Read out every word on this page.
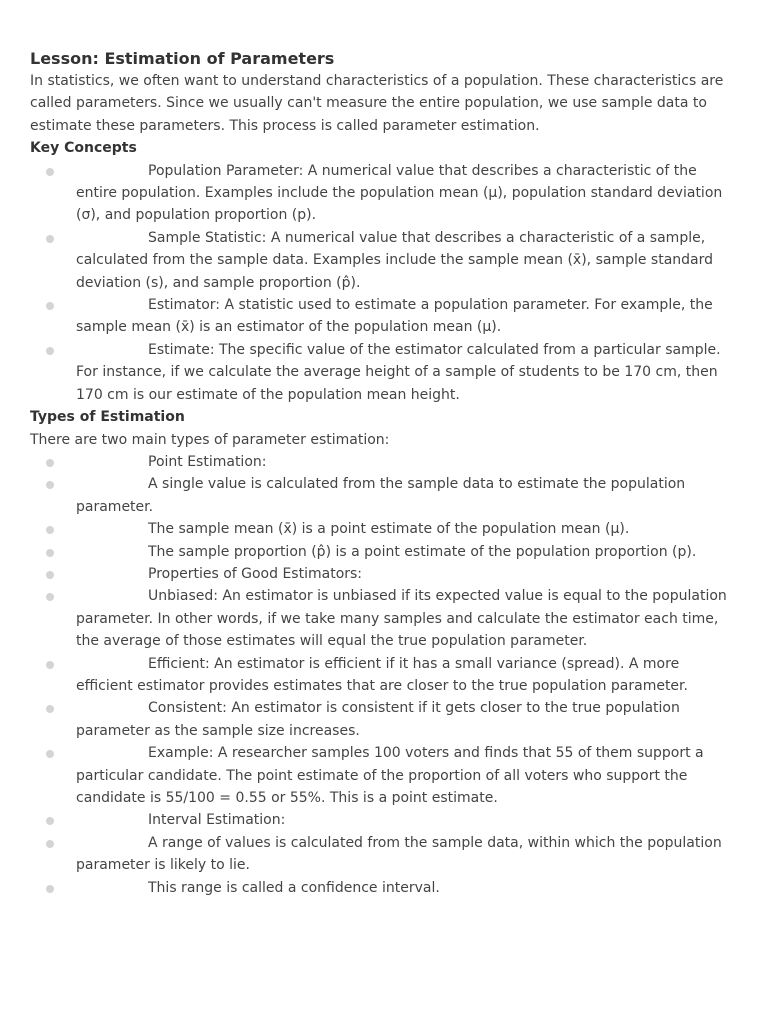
Lesson: Estimation of Parameters

In statistics, we often want to understand characteristics of a population. These characteristics are called parameters. Since we usually can't measure the entire population, we use sample data to estimate these parameters. This process is called parameter estimation.

Key Concepts
Population Parameter: A numerical value that describes a characteristic of the entire population. Examples include the population mean (μ), population standard deviation (σ), and population proportion (p).
Sample Statistic: A numerical value that describes a characteristic of a sample, calculated from the sample data. Examples include the sample mean (x̄), sample standard deviation (s), and sample proportion (p̂).
Estimator: A statistic used to estimate a population parameter. For example, the sample mean (x̄) is an estimator of the population mean (μ).
Estimate: The specific value of the estimator calculated from a particular sample. For instance, if we calculate the average height of a sample of students to be 170 cm, then 170 cm is our estimate of the population mean height.
Types of Estimation

There are two main types of parameter estimation:

Point Estimation:
A single value is calculated from the sample data to estimate the population parameter.
The sample mean (x̄) is a point estimate of the population mean (μ).
The sample proportion (p̂) is a point estimate of the population proportion (p).
Properties of Good Estimators:
Unbiased: An estimator is unbiased if its expected value is equal to the population parameter. In other words, if we take many samples and calculate the estimator each time, the average of those estimates will equal the true population parameter.
Efficient: An estimator is efficient if it has a small variance (spread). A more efficient estimator provides estimates that are closer to the true population parameter.
Consistent: An estimator is consistent if it gets closer to the true population parameter as the sample size increases.
Example: A researcher samples 100 voters and finds that 55 of them support a particular candidate. The point estimate of the proportion of all voters who support the candidate is 55/100 = 0.55 or 55%. This is a point estimate.
Interval Estimation:
A range of values is calculated from the sample data, within which the population parameter is likely to lie.
This range is called a confidence interval.
